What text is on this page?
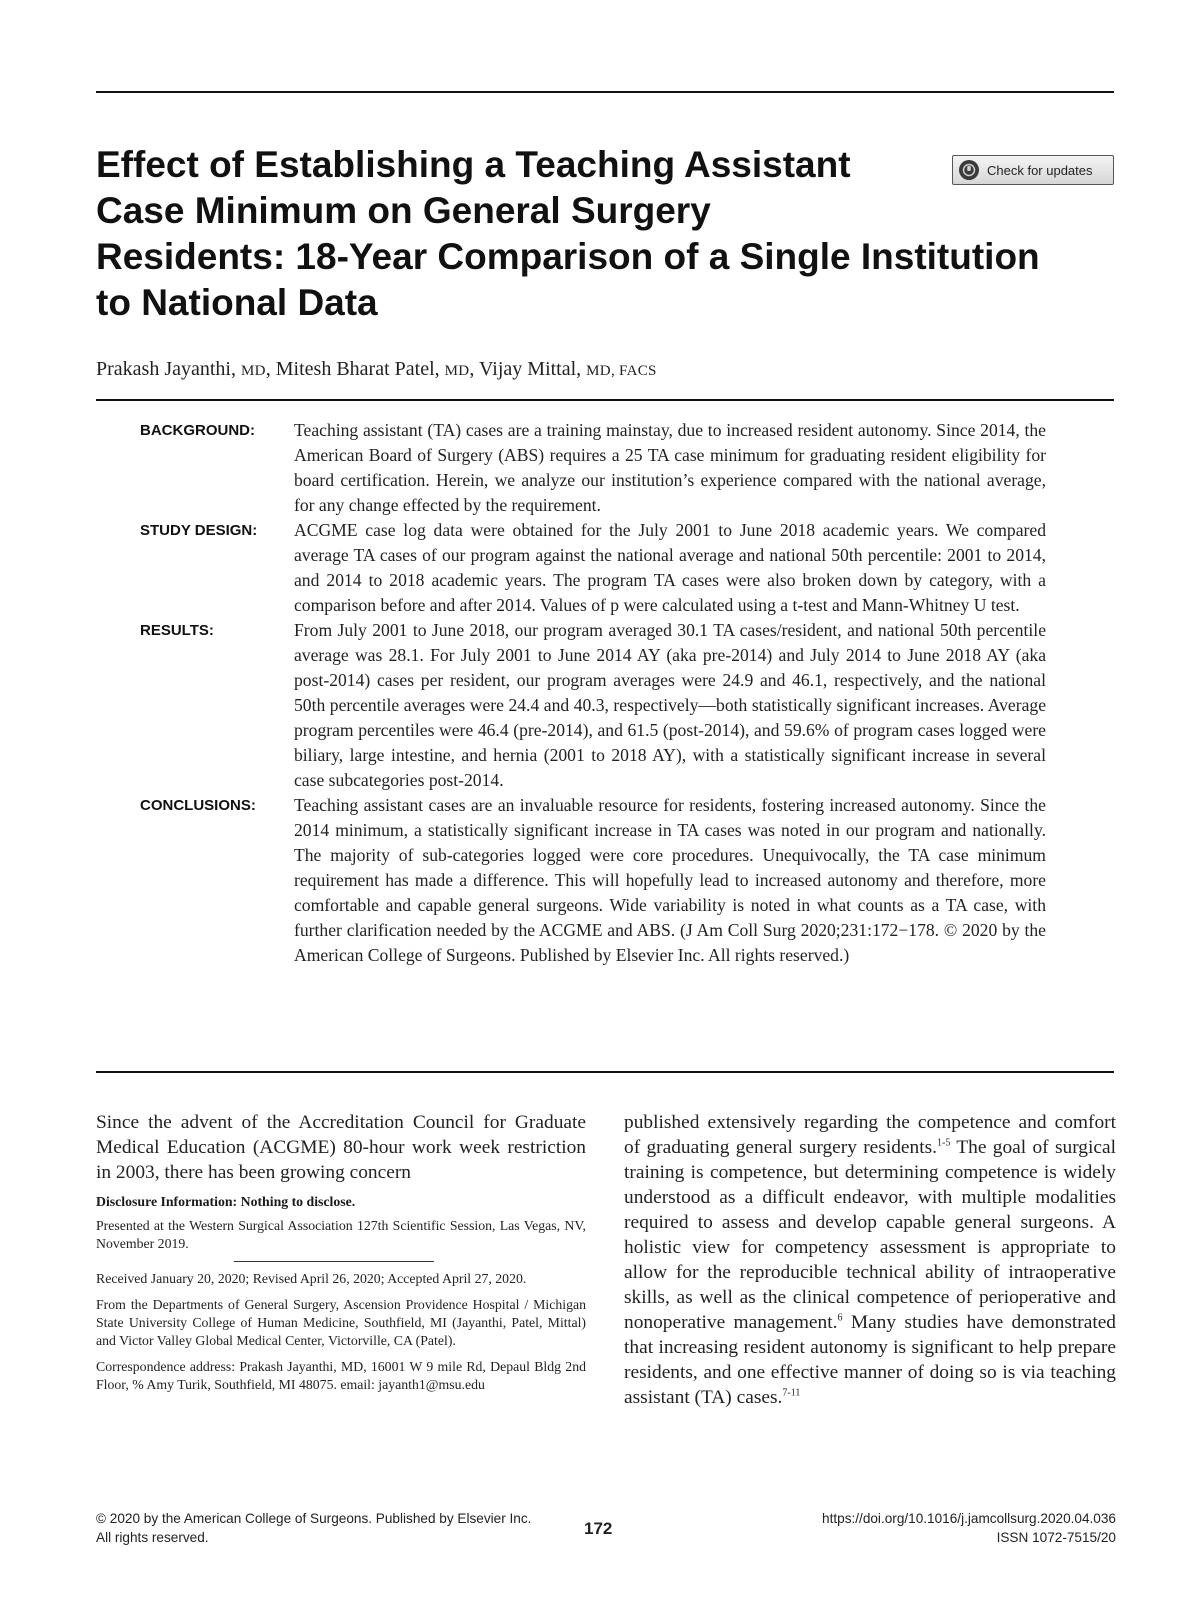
Effect of Establishing a Teaching Assistant
Case Minimum on General Surgery
Residents: 18-Year Comparison of a Single Institution
to National Data
Check for updates
Prakash Jayanthi, MD, Mitesh Bharat Patel, MD, Vijay Mittal, MD, FACS
BACKGROUND:	Teaching assistant (TA) cases are a training mainstay, due to increased resident autonomy. Since 2014, the American Board of Surgery (ABS) requires a 25 TA case minimum for graduating resident eligibility for board certification. Herein, we analyze our institution’s experience compared with the national average, for any change effected by the requirement.
STUDY DESIGN:	ACGME case log data were obtained for the July 2001 to June 2018 academic years. We compared average TA cases of our program against the national average and national 50th percentile: 2001 to 2014, and 2014 to 2018 academic years. The program TA cases were also broken down by category, with a comparison before and after 2014. Values of p were calculated using a t-test and Mann-Whitney U test.
RESULTS:	From July 2001 to June 2018, our program averaged 30.1 TA cases/resident, and national 50th percentile average was 28.1. For July 2001 to June 2014 AY (aka pre-2014) and July 2014 to June 2018 AY (aka post-2014) cases per resident, our program averages were 24.9 and 46.1, respectively, and the national 50th percentile averages were 24.4 and 40.3, respectively—both statistically significant increases. Average program percentiles were 46.4 (pre-2014), and 61.5 (post-2014), and 59.6% of program cases logged were biliary, large intestine, and hernia (2001 to 2018 AY), with a statistically significant increase in several case subcategories post-2014.
CONCLUSIONS:	Teaching assistant cases are an invaluable resource for residents, fostering increased autonomy. Since the 2014 minimum, a statistically significant increase in TA cases was noted in our program and nationally. The majority of sub-categories logged were core procedures. Unequivocally, the TA case minimum requirement has made a difference. This will hopefully lead to increased autonomy and therefore, more comfortable and capable general surgeons. Wide variability is noted in what counts as a TA case, with further clarification needed by the ACGME and ABS. (J Am Coll Surg 2020;231:172−178. © 2020 by the American College of Surgeons. Published by Elsevier Inc. All rights reserved.)

Since the advent of the Accreditation Council for Graduate Medical Education (ACGME) 80-hour work week restriction in 2003, there has been growing concern

Disclosure Information: Nothing to disclose.

Presented at the Western Surgical Association 127th Scientific Session, Las Vegas, NV, November 2019.

Received January 20, 2020; Revised April 26, 2020; Accepted April 27, 2020.

From the Departments of General Surgery, Ascension Providence Hospital / Michigan State University College of Human Medicine, Southfield, MI (Jayanthi, Patel, Mittal) and Victor Valley Global Medical Center, Victorville, CA (Patel).

Correspondence address: Prakash Jayanthi, MD, 16001 W 9 mile Rd, Depaul Bldg 2nd Floor, % Amy Turik, Southfield, MI 48075. email: jayanth1@msu.edu

published extensively regarding the competence and comfort of graduating general surgery residents.$^{1-5}$ The goal of surgical training is competence, but determining competence is widely understood as a difficult endeavor, with multiple modalities required to assess and develop capable general surgeons. A holistic view for competency assessment is appropriate to allow for the reproducible technical ability of intraoperative skills, as well as the clinical competence of perioperative and nonoperative management.$^6$ Many studies have demonstrated that increasing resident autonomy is significant to help prepare residents, and one effective manner of doing so is via teaching assistant (TA) cases.$^{7-11}$

© 2020 by the American College of Surgeons. Published by Elsevier Inc.
All rights reserved.	172
https://doi.org/10.1016/j.jamcollsurg.2020.04.036
ISSN 1072-7515/20
